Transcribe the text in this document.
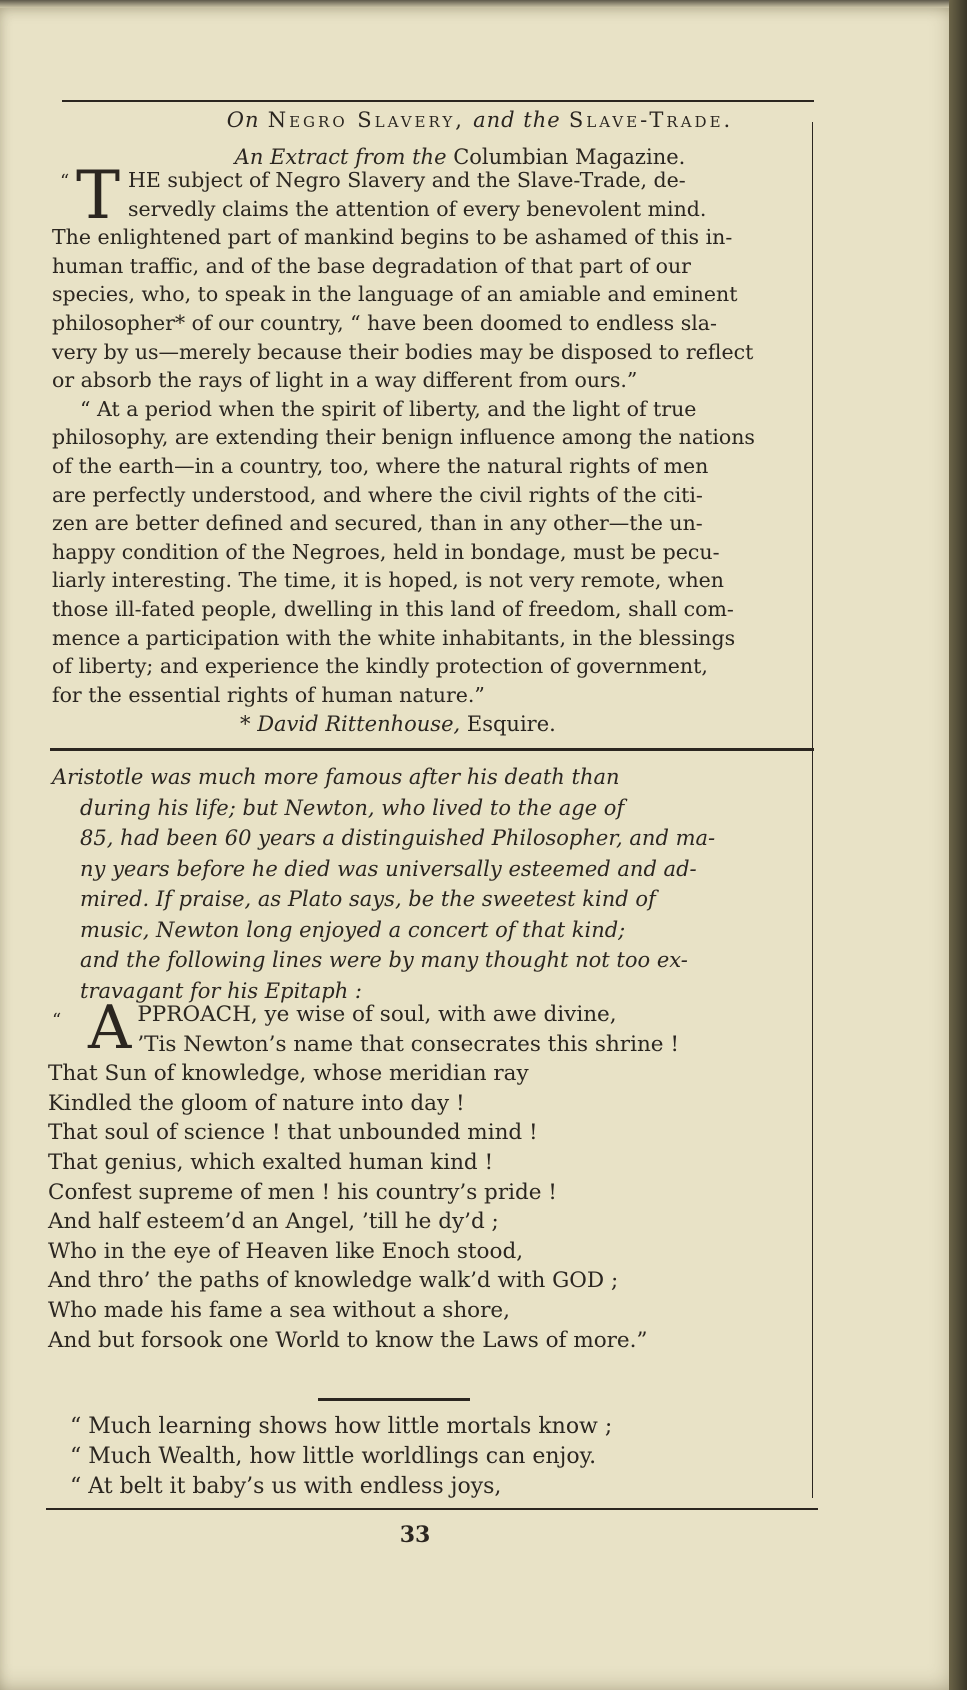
On Negro Slavery, and the Slave-Trade.
An Extract from the Columbian Magazine.
“ T HE subject of Negro Slavery and the Slave-Trade, de-
servedly claims the attention of every benevolent mind.
The enlightened part of mankind begins to be ashamed of this in-
human traffic, and of the base degradation of that part of our
species, who, to speak in the language of an amiable and eminent
philosopher* of our country, “ have been doomed to endless sla-
very by us—merely because their bodies may be disposed to reflect
or absorb the rays of light in a way different from ours.”
“ At a period when the spirit of liberty, and the light of true
philosophy, are extending their benign influence among the nations
of the earth—in a country, too, where the natural rights of men
are perfectly understood, and where the civil rights of the citi-
zen are better defined and secured, than in any other—the un-
happy condition of the Negroes, held in bondage, must be pecu-
liarly interesting. The time, it is hoped, is not very remote, when
those ill-fated people, dwelling in this land of freedom, shall com-
mence a participation with the white inhabitants, in the blessings
of liberty; and experience the kindly protection of government,
for the essential rights of human nature.”
* David Rittenhouse, Esquire.

Aristotle was much more famous after his death than
during his life; but Newton, who lived to the age of
85, had been 60 years a distinguished Philosopher, and ma-
ny years before he died was universally esteemed and ad-
mired. If praise, as Plato says, be the sweetest kind of
music, Newton long enjoyed a concert of that kind;
and the following lines were by many thought not too ex-
travagant for his Epitaph :

“ A PPROACH, ye wise of soul, with awe divine,
’Tis Newton’s name that consecrates this shrine !
That Sun of knowledge, whose meridian ray
Kindled the gloom of nature into day !
That soul of science ! that unbounded mind !
That genius, which exalted human kind !
Confest supreme of men ! his country’s pride !
And half esteem’d an Angel, ’till he dy’d ;
Who in the eye of Heaven like Enoch stood,
And thro’ the paths of knowledge walk’d with GOD ;
Who made his fame a sea without a shore,
And but forsook one World to know the Laws of more.”
“ Much learning shows how little mortals know ;
“ Much Wealth, how little worldlings can enjoy.
“ At belt it baby’s us with endless joys,
33
